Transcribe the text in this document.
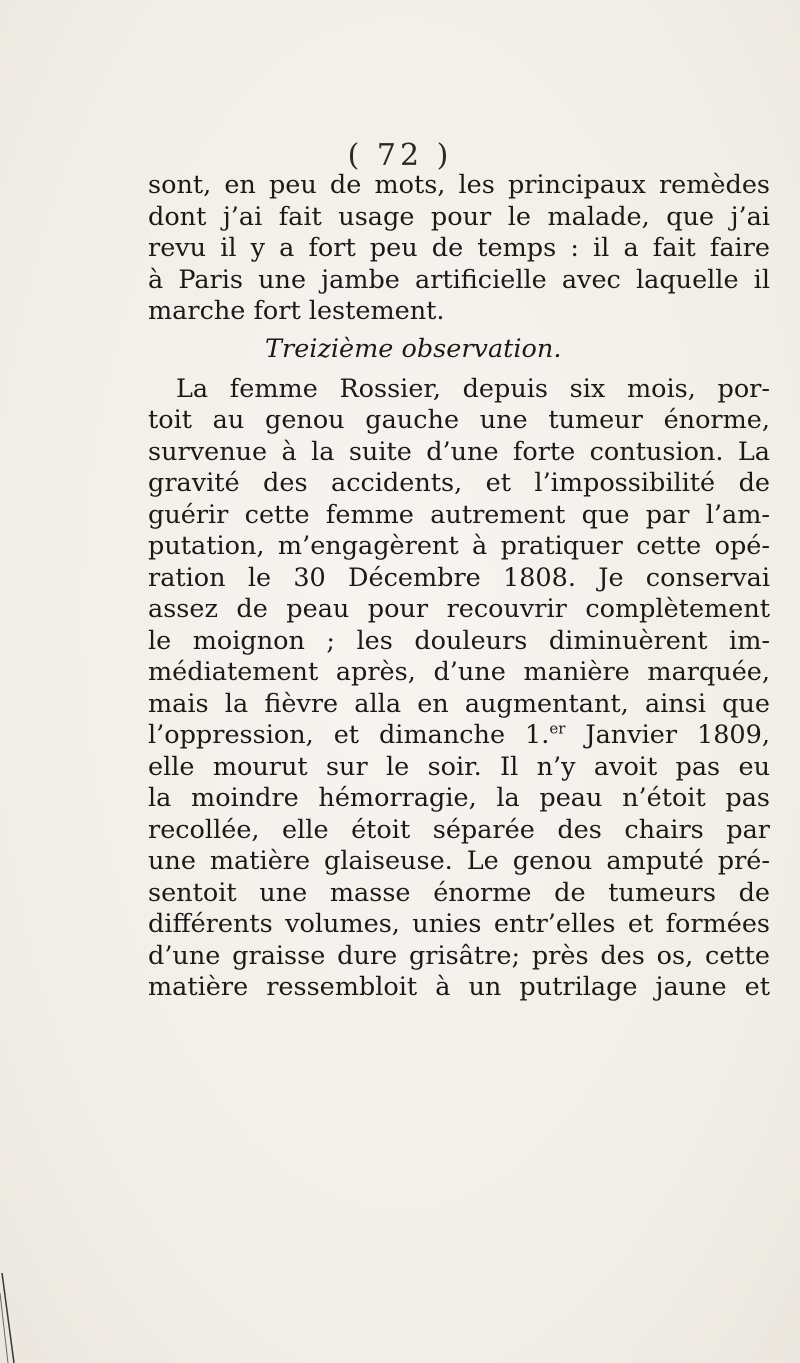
( 72 )
sont, en peu de mots, les principaux remèdes
dont j’ai fait usage pour le malade, que j’ai
revu il y a fort peu de temps : il a fait faire
à Paris une jambe artificielle avec laquelle il
marche fort lestement.
Treizième observation.
La femme Rossier, depuis six mois, por-
toit au genou gauche une tumeur énorme,
survenue à la suite d’une forte contusion. La
gravité des accidents, et l’impossibilité de
guérir cette femme autrement que par l’am-
putation, m’engagèrent à pratiquer cette opé-
ration le 30 Décembre 1808. Je conservai
assez de peau pour recouvrir complètement
le moignon ; les douleurs diminuèrent im-
médiatement après, d’une manière marquée,
mais la fièvre alla en augmentant, ainsi que
l’oppression, et dimanche 1.$^{er}$ Janvier 1809,
elle mourut sur le soir. Il n’y avoit pas eu
la moindre hémorragie, la peau n’étoit pas
recollée, elle étoit séparée des chairs par
une matière glaiseuse. Le genou amputé pré-
sentoit une masse énorme de tumeurs de
différents volumes, unies entr’elles et formées
d’une graisse dure grisâtre; près des os, cette
matière ressembloit à un putrilage jaune et
